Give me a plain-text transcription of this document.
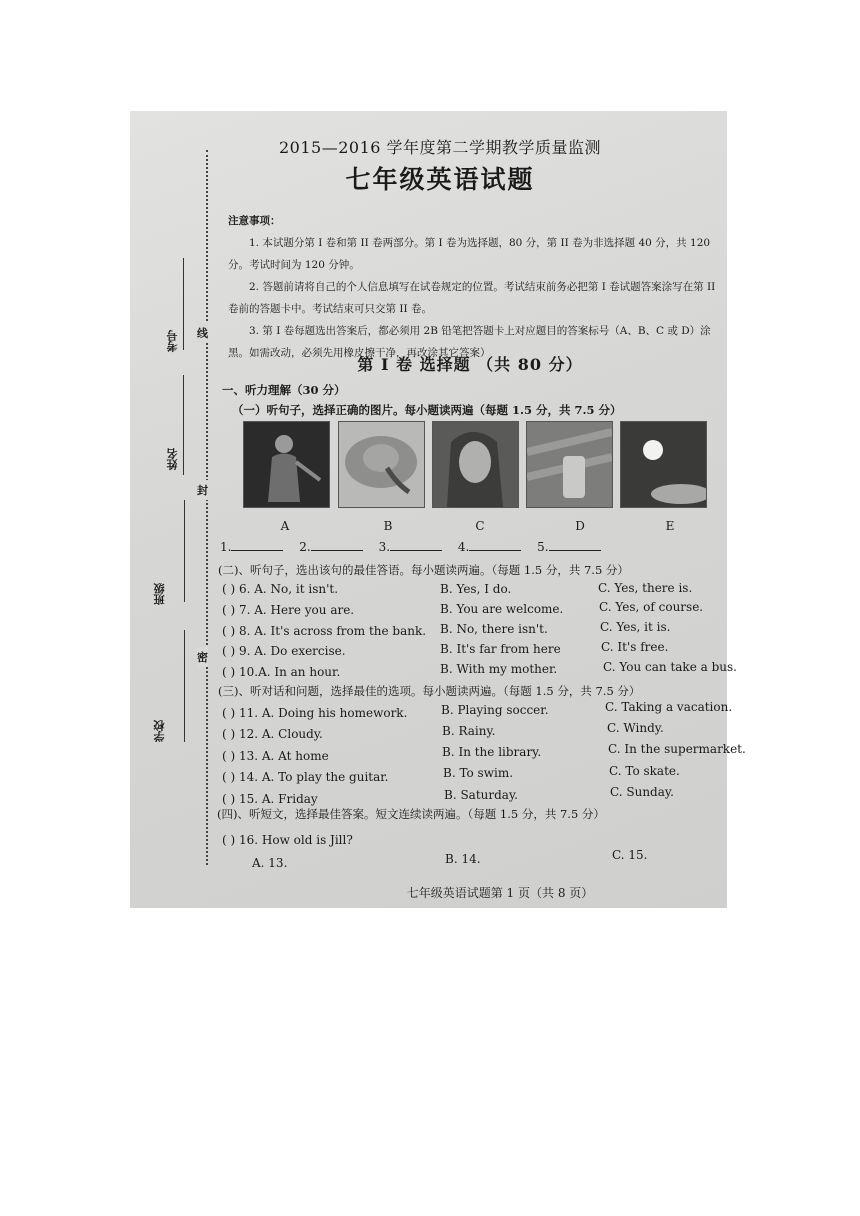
线
封
密
考号
姓名
班级
学校
2015—2016 学年度第二学期教学质量监测
七年级英语试题

注意事项：

1. 本试题分第 I 卷和第 II 卷两部分。第 I 卷为选择题，80 分，第 II 卷为非选择题 40 分，共 120 分。考试时间为 120 分钟。

2. 答题前请将自己的个人信息填写在试卷规定的位置。考试结束前务必把第 I 卷试题答案涂写在第 II 卷前的答题卡中。考试结束可只交第 II 卷。

3. 第 I 卷每题选出答案后，都必须用 2B 铅笔把答题卡上对应题目的答案标号（A、B、C 或 D）涂黑。如需改动，必须先用橡皮擦干净，再改涂其它答案）

第 I 卷 选择题 （共 80 分）
一、听力理解（30 分）
（一）听句子，选择正确的图片。每小题读两遍（每题 1.5 分，共 7.5 分）
A	B	C	D	E
1.	2.	3.	4.	5.
(二)、听句子，选出该句的最佳答语。每小题读两遍。（每题 1.5 分，共 7.5 分）
( ) 6. A. No, it isn't.	B. Yes, I do.	C. Yes, there is.
( ) 7. A. Here you are.	B. You are welcome.	C. Yes, of course.
( ) 8. A. It's across from the bank. B. No, there isn't.	C. Yes, it is.
( ) 9. A. Do exercise.	B. It's far from here	C. It's free.
( ) 10.A. In an hour.	B. With my mother.	C. You can take a bus.
(三)、听对话和问题，选择最佳的选项。每小题读两遍。（每题 1.5 分，共 7.5 分）
( ) 11. A. Doing his homework.	B. Playing soccer.	C. Taking a vacation.
( ) 12. A. Cloudy.	B. Rainy.	C. Windy.
( ) 13. A. At home	B. In the library.	C. In the supermarket.
( ) 14. A. To play the guitar.	B. To swim.	C. To skate.
( ) 15. A. Friday	B. Saturday.	C. Sunday.
(四)、听短文，选择最佳答案。短文连续读两遍。（每题 1.5 分，共 7.5 分）
( ) 16. How old is Jill?
A. 13.	B. 14.	C. 15.
七年级英语试题第 1 页（共 8 页）
